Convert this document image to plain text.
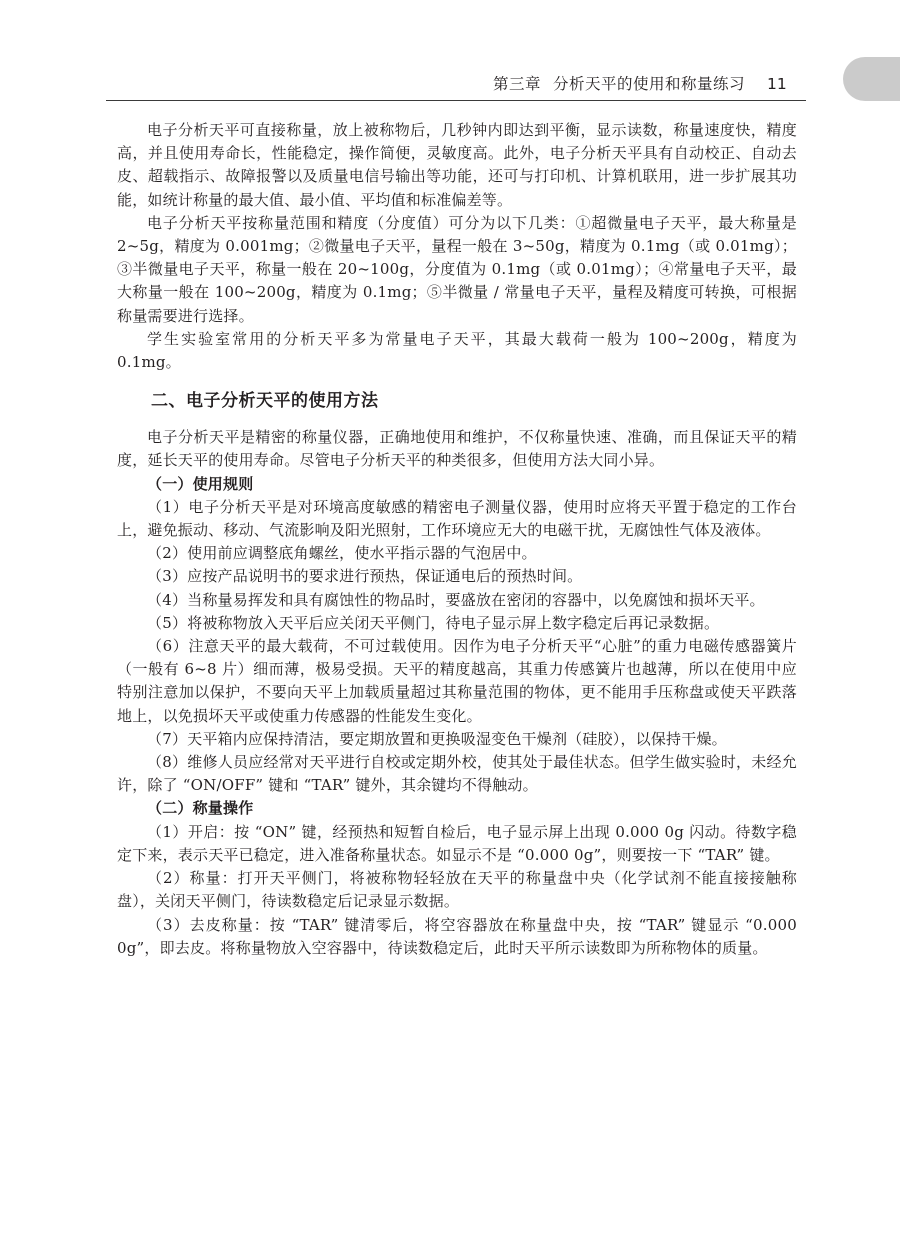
第三章 分析天平的使用和称量练习 11

电子分析天平可直接称量，放上被称物后，几秒钟内即达到平衡，显示读数，称量速度快，精度高，并且使用寿命长，性能稳定，操作简便，灵敏度高。此外，电子分析天平具有自动校正、自动去皮、超载指示、故障报警以及质量电信号输出等功能，还可与打印机、计算机联用，进一步扩展其功能，如统计称量的最大值、最小值、平均值和标准偏差等。

电子分析天平按称量范围和精度（分度值）可分为以下几类：①超微量电子天平，最大称量是 2~5g，精度为 0.001mg；②微量电子天平，量程一般在 3~50g，精度为 0.1mg（或 0.01mg）；③半微量电子天平，称量一般在 20~100g，分度值为 0.1mg（或 0.01mg）；④常量电子天平，最大称量一般在 100~200g，精度为 0.1mg；⑤半微量 / 常量电子天平，量程及精度可转换，可根据称量需要进行选择。

学生实验室常用的分析天平多为常量电子天平，其最大载荷一般为 100~200g，精度为 0.1mg。

二、电子分析天平的使用方法

电子分析天平是精密的称量仪器，正确地使用和维护，不仅称量快速、准确，而且保证天平的精度，延长天平的使用寿命。尽管电子分析天平的种类很多，但使用方法大同小异。

（一）使用规则

（1）电子分析天平是对环境高度敏感的精密电子测量仪器，使用时应将天平置于稳定的工作台上，避免振动、移动、气流影响及阳光照射，工作环境应无大的电磁干扰，无腐蚀性气体及液体。

（2）使用前应调整底角螺丝，使水平指示器的气泡居中。

（3）应按产品说明书的要求进行预热，保证通电后的预热时间。

（4）当称量易挥发和具有腐蚀性的物品时，要盛放在密闭的容器中，以免腐蚀和损坏天平。

（5）将被称物放入天平后应关闭天平侧门，待电子显示屏上数字稳定后再记录数据。

（6）注意天平的最大载荷，不可过载使用。因作为电子分析天平“心脏”的重力电磁传感器簧片（一般有 6~8 片）细而薄，极易受损。天平的精度越高，其重力传感簧片也越薄，所以在使用中应特别注意加以保护，不要向天平上加载质量超过其称量范围的物体，更不能用手压称盘或使天平跌落地上，以免损坏天平或使重力传感器的性能发生变化。

（7）天平箱内应保持清洁，要定期放置和更换吸湿变色干燥剂（硅胶），以保持干燥。

（8）维修人员应经常对天平进行自校或定期外校，使其处于最佳状态。但学生做实验时，未经允许，除了 “ON/OFF” 键和 “TAR” 键外，其余键均不得触动。

（二）称量操作

（1）开启：按 “ON” 键，经预热和短暂自检后，电子显示屏上出现 0.000 0g 闪动。待数字稳定下来，表示天平已稳定，进入准备称量状态。如显示不是 “0.000 0g”，则要按一下 “TAR” 键。

（2）称量：打开天平侧门，将被称物轻轻放在天平的称量盘中央（化学试剂不能直接接触称盘），关闭天平侧门，待读数稳定后记录显示数据。

（3）去皮称量：按 “TAR” 键清零后，将空容器放在称量盘中央，按 “TAR” 键显示 “0.000 0g”，即去皮。将称量物放入空容器中，待读数稳定后，此时天平所示读数即为所称物体的质量。
